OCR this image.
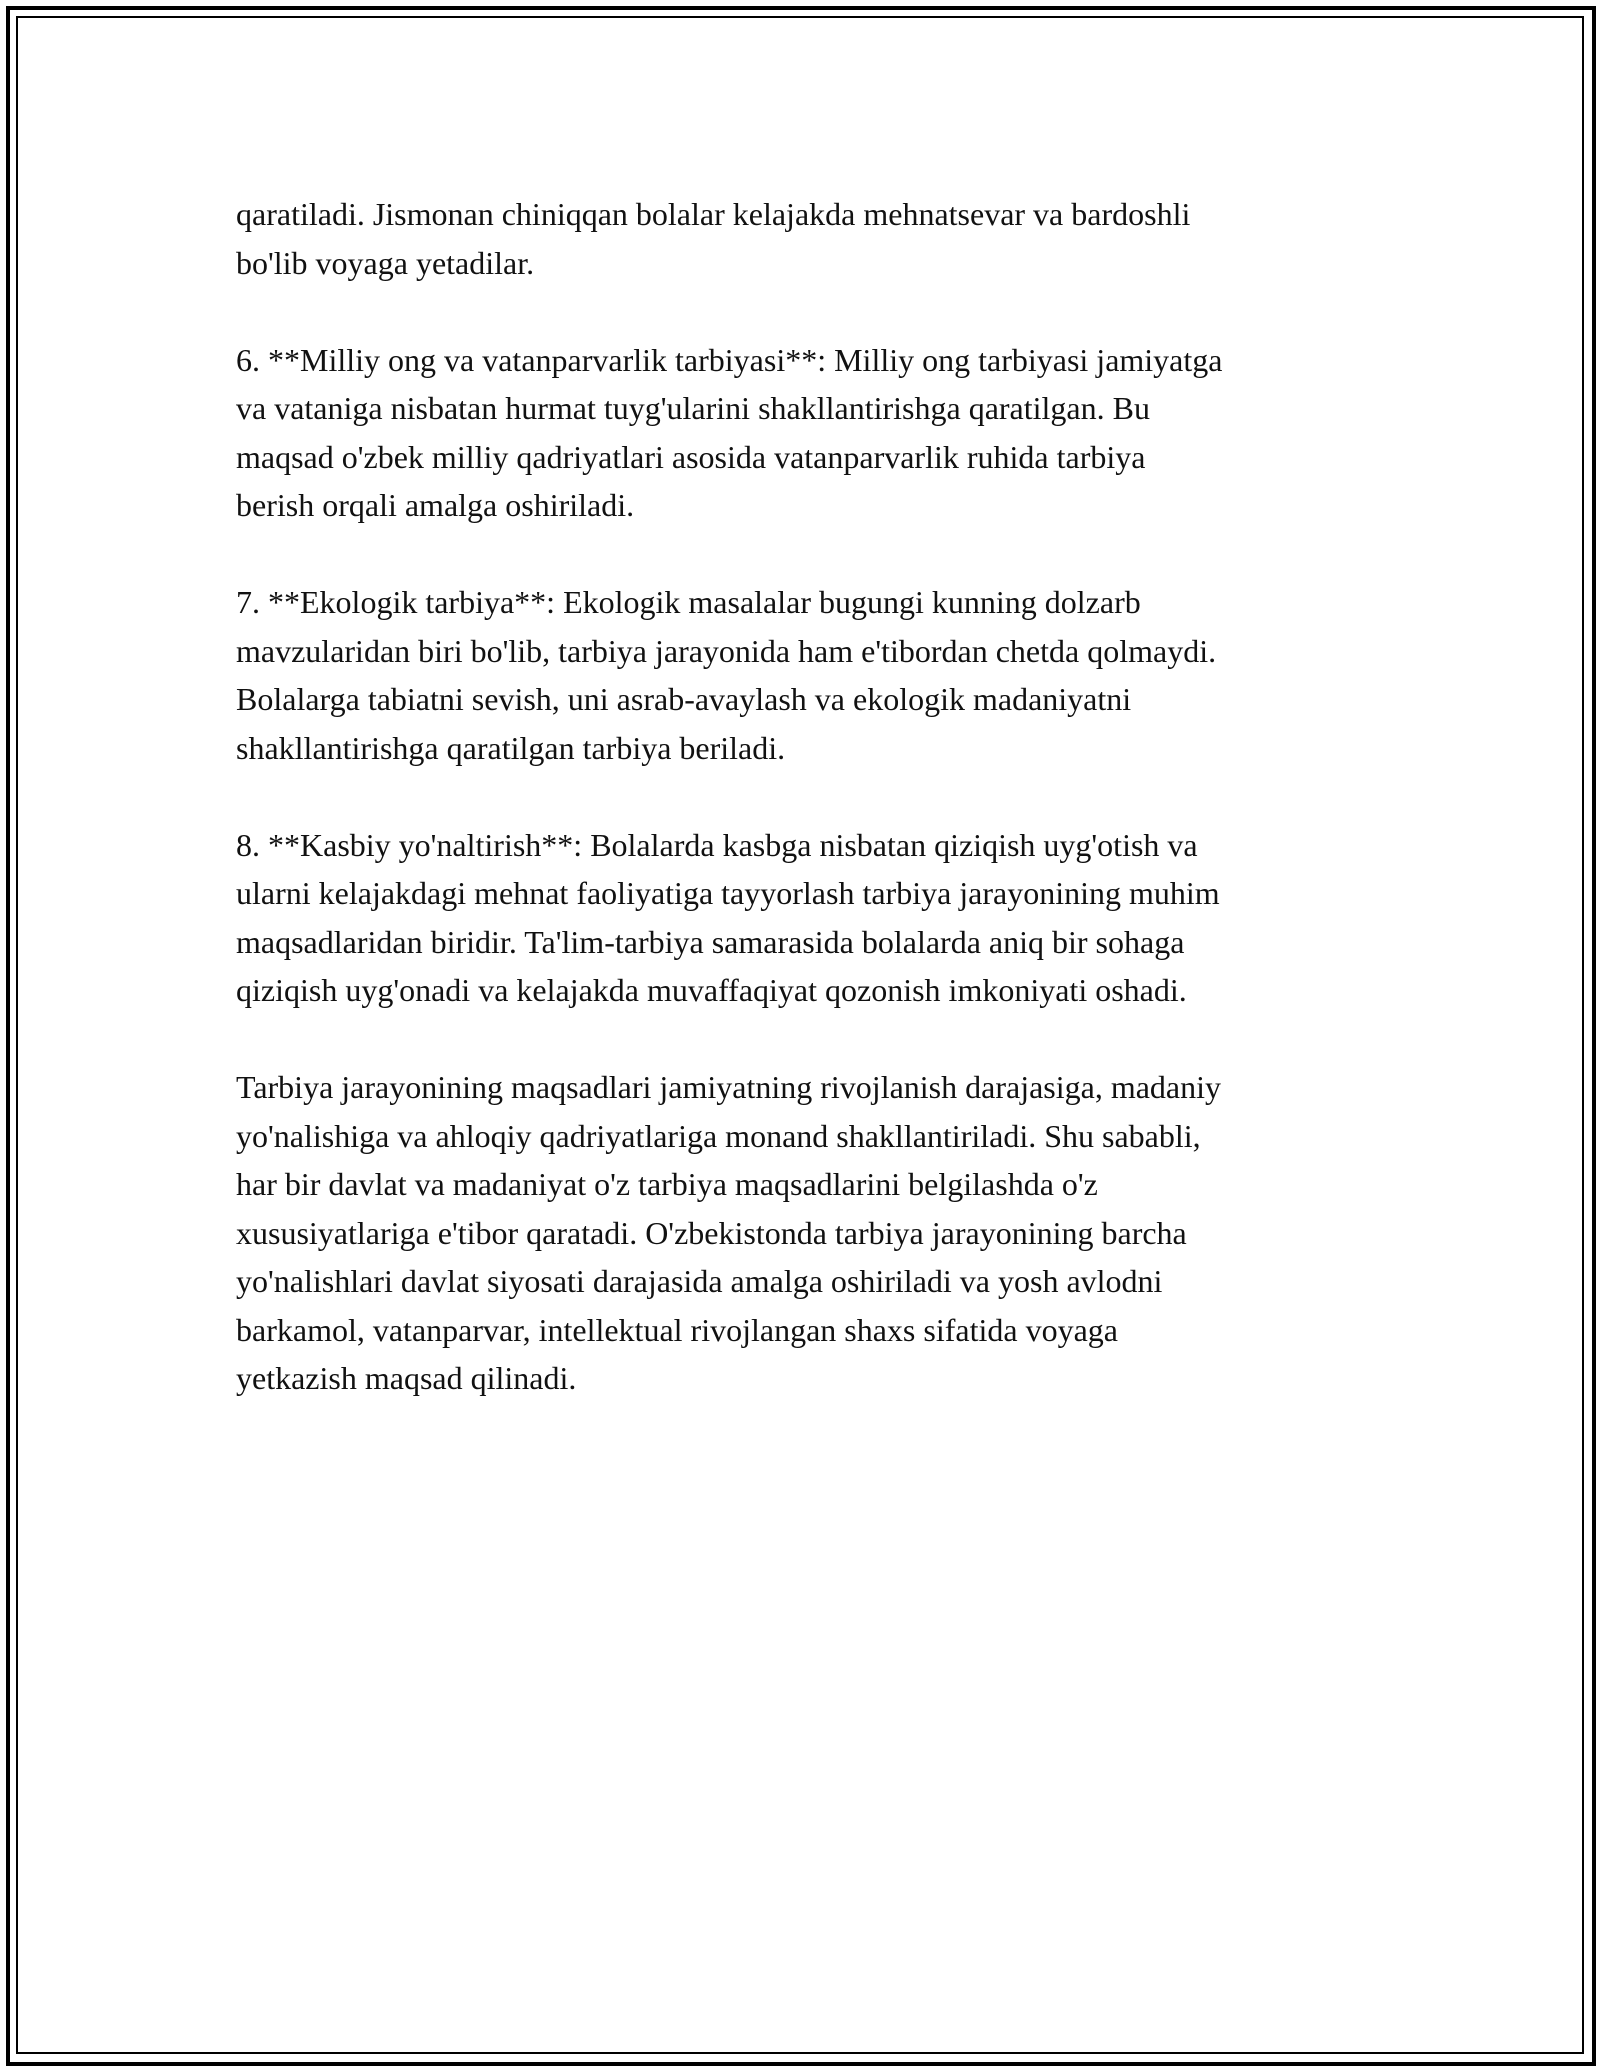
qaratiladi. Jismonan chiniqqan bolalar kelajakda mehnatsevar va bardoshli
bo'lib voyaga yetadilar.
6. **Milliy ong va vatanparvarlik tarbiyasi**: Milliy ong tarbiyasi jamiyatga
va vataniga nisbatan hurmat tuyg'ularini shakllantirishga qaratilgan. Bu
maqsad o'zbek milliy qadriyatlari asosida vatanparvarlik ruhida tarbiya
berish orqali amalga oshiriladi.
7. **Ekologik tarbiya**: Ekologik masalalar bugungi kunning dolzarb
mavzularidan biri bo'lib, tarbiya jarayonida ham e'tibordan chetda qolmaydi.
Bolalarga tabiatni sevish, uni asrab-avaylash va ekologik madaniyatni
shakllantirishga qaratilgan tarbiya beriladi.
8. **Kasbiy yo'naltirish**: Bolalarda kasbga nisbatan qiziqish uyg'otish va
ularni kelajakdagi mehnat faoliyatiga tayyorlash tarbiya jarayonining muhim
maqsadlaridan biridir. Ta'lim-tarbiya samarasida bolalarda aniq bir sohaga
qiziqish uyg'onadi va kelajakda muvaffaqiyat qozonish imkoniyati oshadi.
Tarbiya jarayonining maqsadlari jamiyatning rivojlanish darajasiga, madaniy
yo'nalishiga va ahloqiy qadriyatlariga monand shakllantiriladi. Shu sababli,
har bir davlat va madaniyat o'z tarbiya maqsadlarini belgilashda o'z
xususiyatlariga e'tibor qaratadi. O'zbekistonda tarbiya jarayonining barcha
yo'nalishlari davlat siyosati darajasida amalga oshiriladi va yosh avlodni
barkamol, vatanparvar, intellektual rivojlangan shaxs sifatida voyaga
yetkazish maqsad qilinadi.
